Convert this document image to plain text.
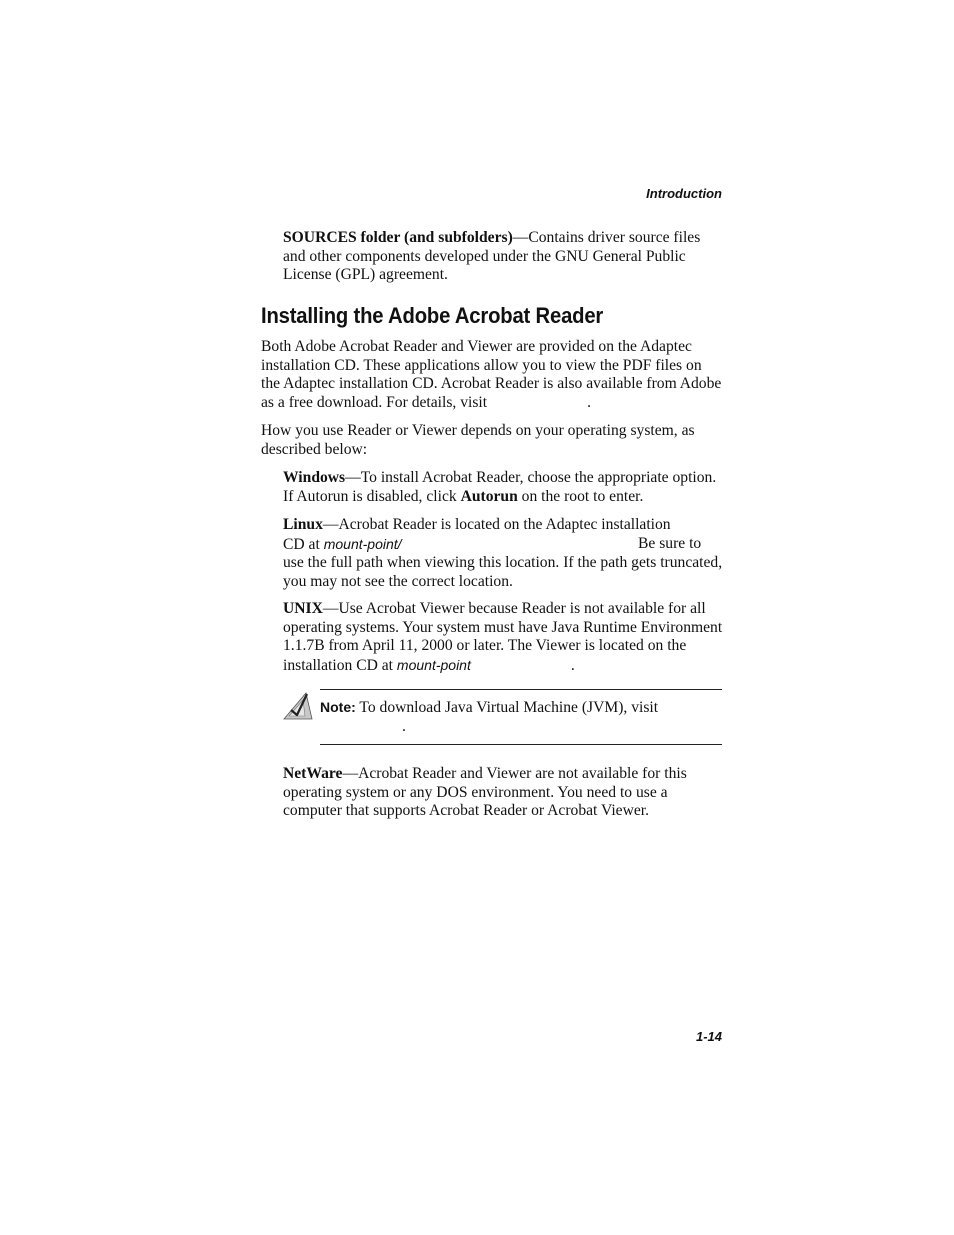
Introduction
SOURCES folder (and subfolders)—Contains driver source files and other components developed under the GNU General Public License (GPL) agreement.
Installing the Adobe Acrobat Reader
Both Adobe Acrobat Reader and Viewer are provided on the Adaptec installation CD. These applications allow you to view the PDF files on the Adaptec installation CD. Acrobat Reader is also available from Adobe as a free download. For details, visit	.
How you use Reader or Viewer depends on your operating system, as described below:
Windows—To install Acrobat Reader, choose the appropriate option. If Autorun is disabled, click Autorun on the root to enter.
Linux—Acrobat Reader is located on the Adaptec installation
CD at mount-point/	Be sure to
use the full path when viewing this location. If the path gets truncated, you may not see the correct location.
UNIX—Use Acrobat Viewer because Reader is not available for all operating systems. Your system must have Java Runtime Environment 1.1.7B from April 11, 2000 or later. The Viewer is located on the installation CD at mount-point	.
Note: To download Java Virtual Machine (JVM), visit
.
NetWare—Acrobat Reader and Viewer are not available for this operating system or any DOS environment. You need to use a computer that supports Acrobat Reader or Acrobat Viewer.
1-14
